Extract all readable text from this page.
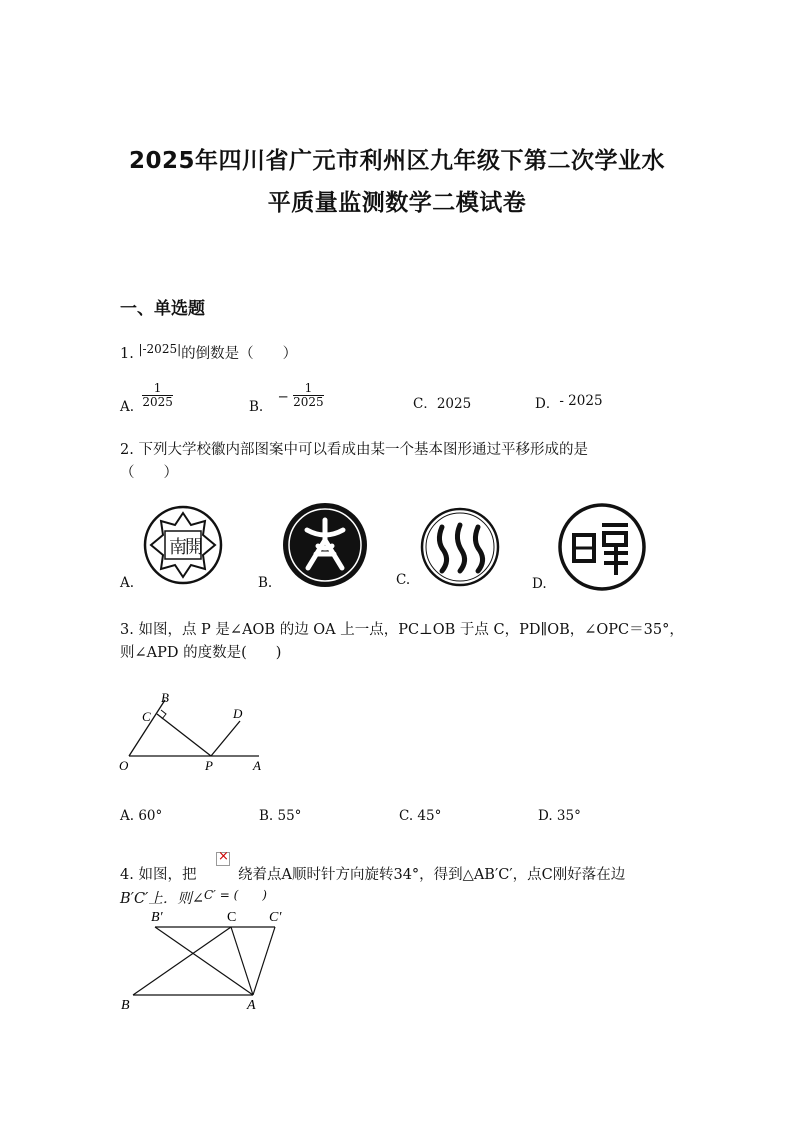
2025年四川省广元市利州区九年级下第二次学业水
平质量监测数学二模试卷
一、单选题
1. $^{|-2025|}$的倒数是（　　）
A. $\frac{1}{2025}$	B. − $\frac{1}{2025}$	C．2025	D．- 2025
2. 下列大学校徽内部图案中可以看成由某一个基本图形通过平移形成的是
（　　）
南
開
A.	B.	C.	D.
3. 如图，点 P 是∠AOB 的边 OA 上一点，PC⊥OB 于点 C，PD∥OB，∠OPC＝35°，
则∠APD 的度数是(　　)
B
C	D
O	P	A
A. 60°	B. 55°	C. 45°	D. 35°
4. 如图，把
×	绕着点A顺时针方向旋转34°，得到△AB′C′，点C刚好落在边
B′C′上．则∠$^{C' = ( )}$
B′	C C′
B	A
